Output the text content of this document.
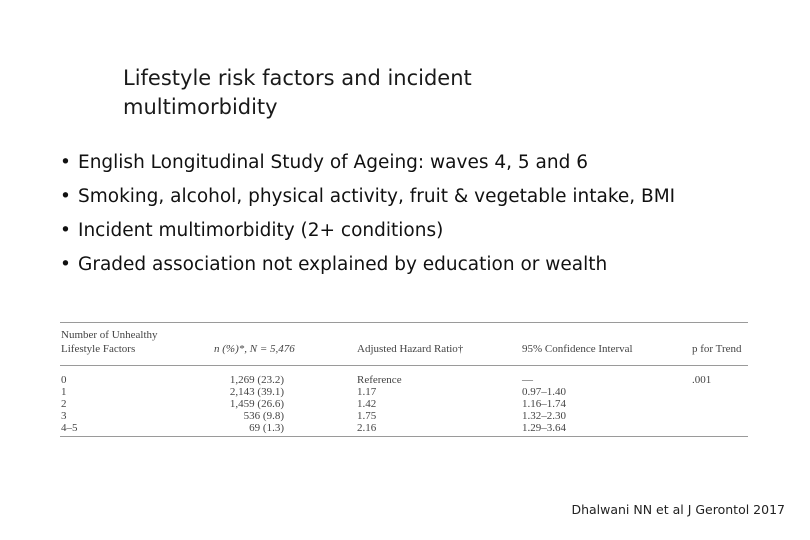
Lifestyle risk factors and incident
multimorbidity
• English Longitudinal Study of Ageing: waves 4, 5 and 6
• Smoking, alcohol, physical activity, fruit & vegetable intake, BMI
• Incident multimorbidity (2+ conditions)
• Graded association not explained by education or wealth
Number of Unhealthy
Lifestyle Factors	n (%)*, N = 5,476	Adjusted Hazard Ratio†	95% Confidence Interval	p for Trend
0	1,269 (23.2)	Reference	—	.001
1	2,143 (39.1)	1.17	0.97–1.40
2	1,459 (26.6)	1.42	1.16–1.74
3	536 (9.8)	1.75	1.32–2.30
4–5	69 (1.3)	2.16	1.29–3.64
Dhalwani NN et al J Gerontol 2017
